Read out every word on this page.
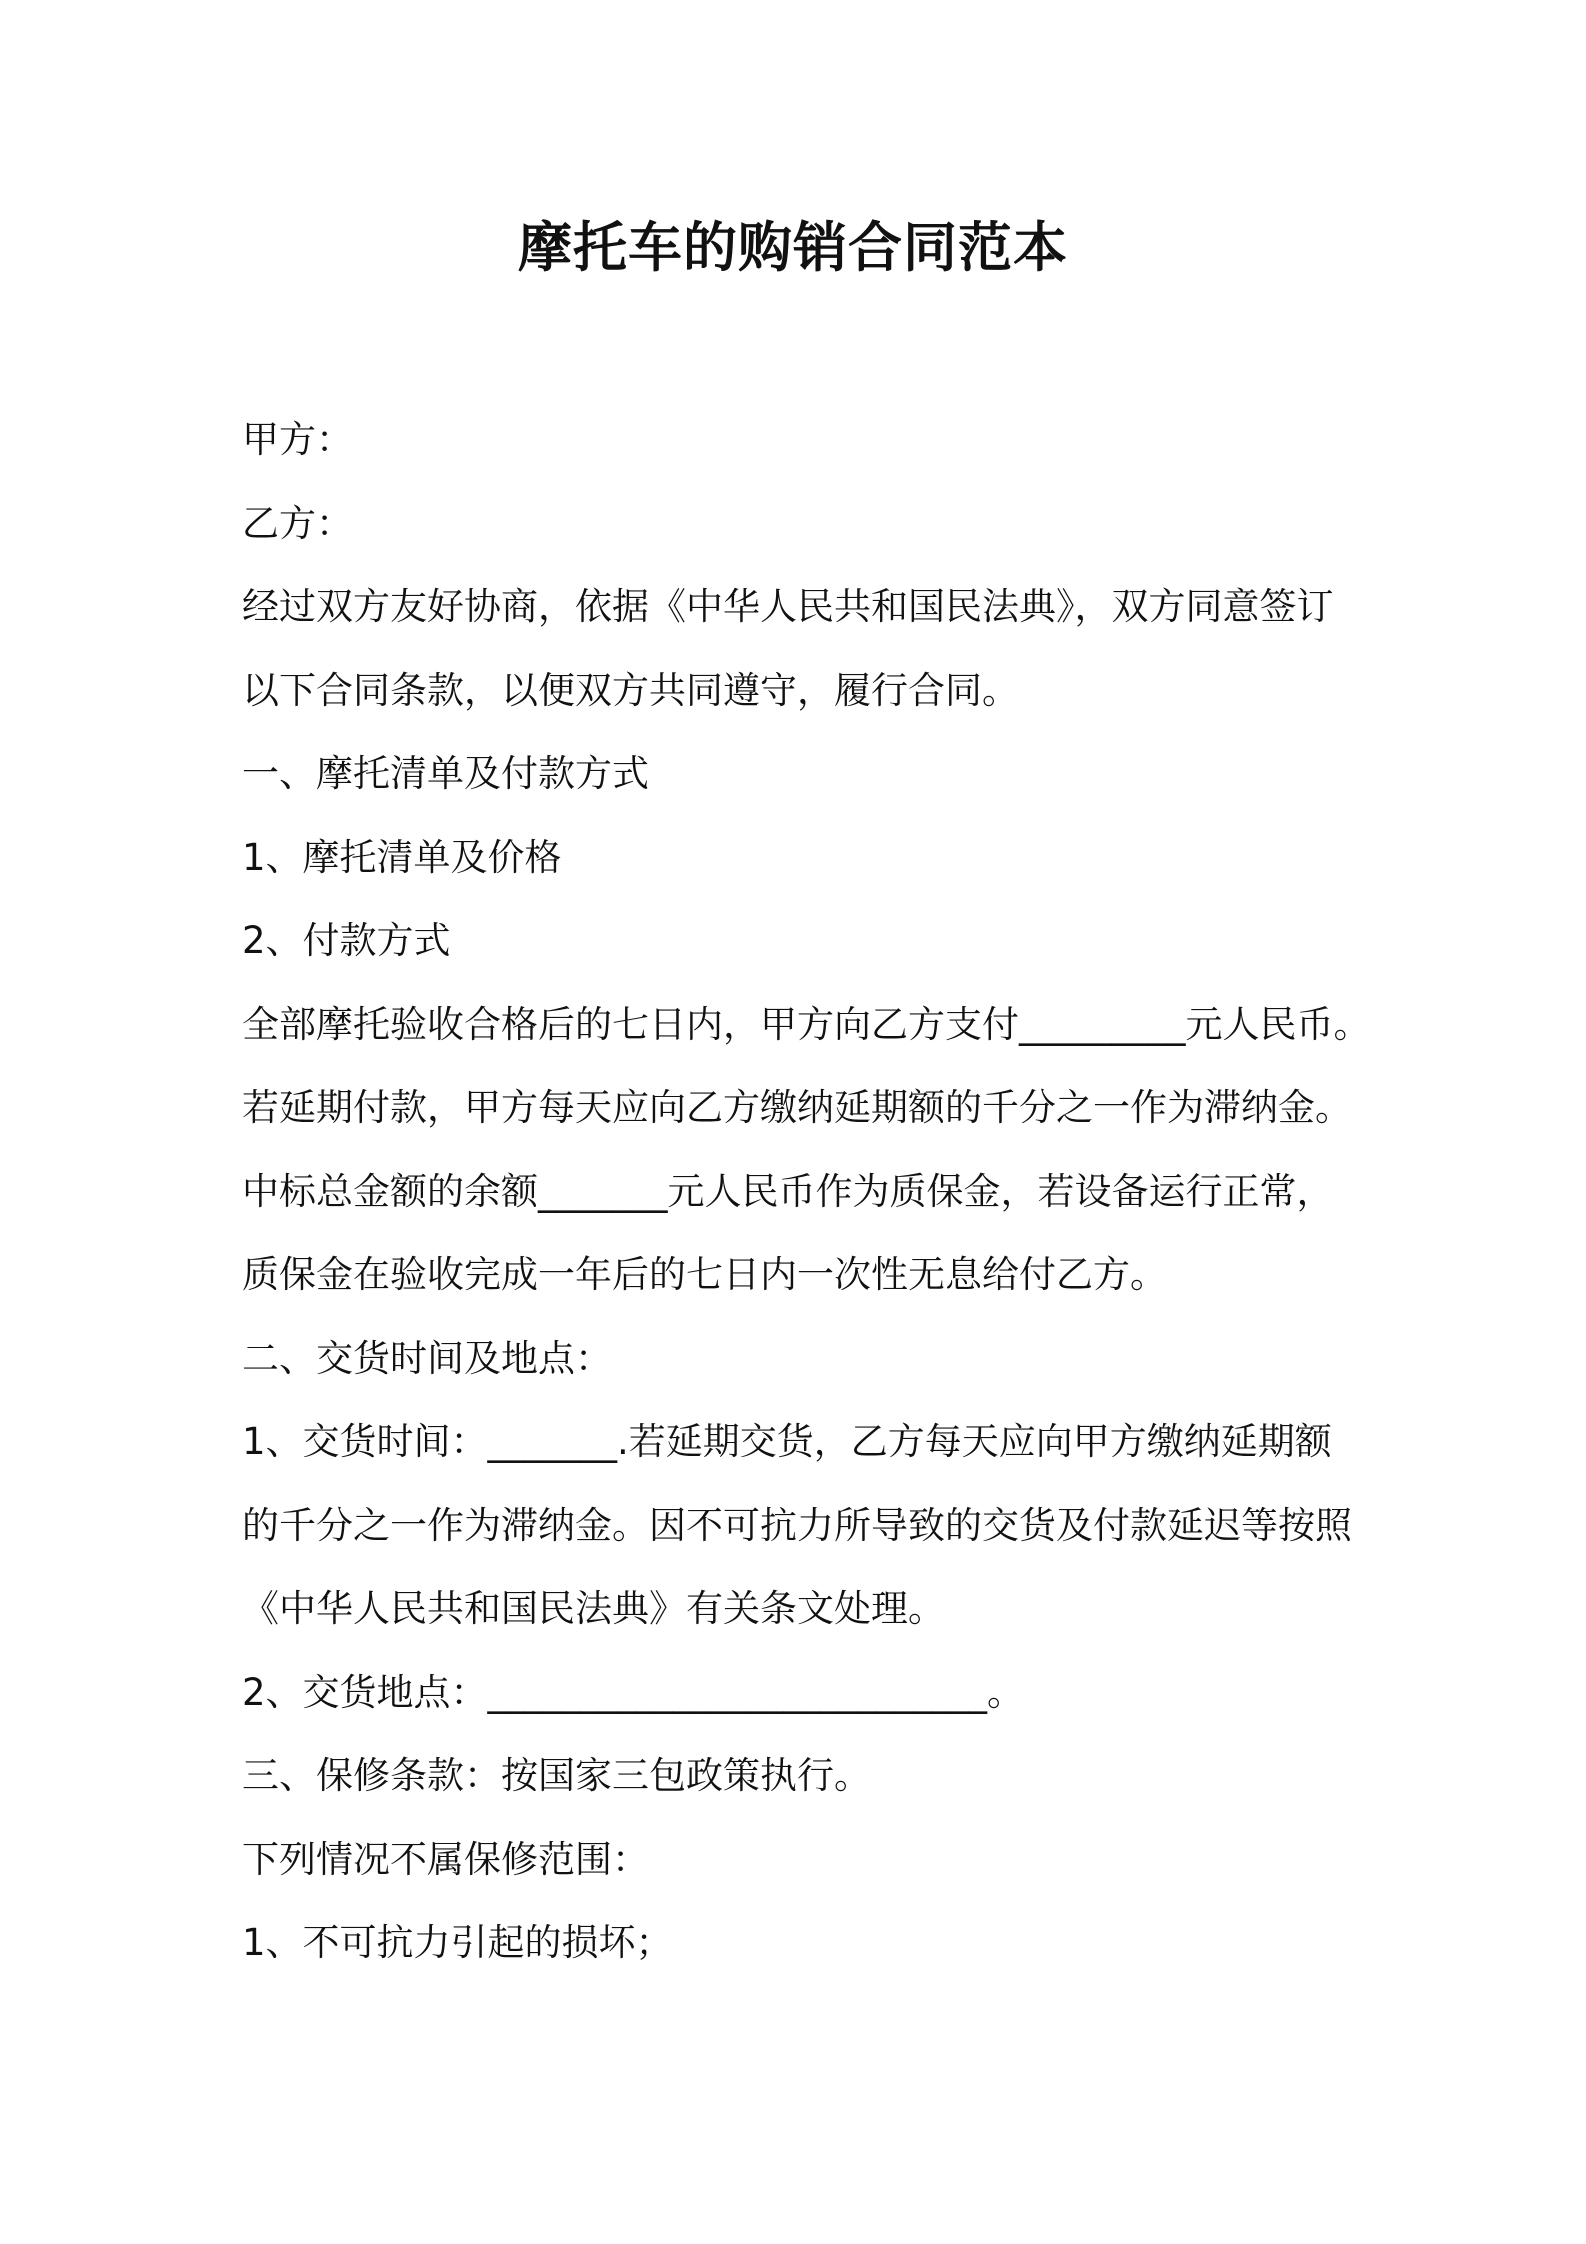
摩托车的购销合同范本
甲方：
乙方：
经过双方友好协商，依据《中华人民共和国民法典》，双方同意签订
以下合同条款，以便双方共同遵守，履行合同。
一、摩托清单及付款方式
1、摩托清单及价格
2、付款方式
全部摩托验收合格后的七日内，甲方向乙方支付_________元人民币。
若延期付款，甲方每天应向乙方缴纳延期额的千分之一作为滞纳金。
中标总金额的余额_______元人民币作为质保金，若设备运行正常，
质保金在验收完成一年后的七日内一次性无息给付乙方。
二、交货时间及地点：
1、交货时间：_______.若延期交货，乙方每天应向甲方缴纳延期额
的千分之一作为滞纳金。因不可抗力所导致的交货及付款延迟等按照
《中华人民共和国民法典》有关条文处理。
2、交货地点：___________________________。
三、保修条款：按国家三包政策执行。
下列情况不属保修范围：
1、不可抗力引起的损坏；
